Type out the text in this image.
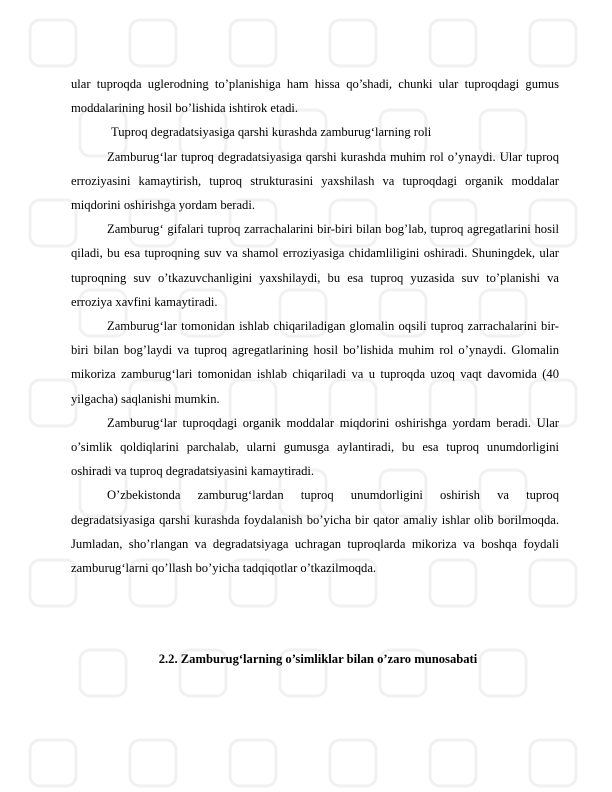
ular tuproqda uglerodning to’planishiga ham hissa qo’shadi, chunki ular tuproqdagi gumus moddalarining hosil bo’lishida ishtirok etadi.

Tuproq degradatsiyasiga qarshi kurashda zamburug‘larning roli

Zamburug‘lar tuproq degradatsiyasiga qarshi kurashda muhim rol o’ynaydi. Ular tuproq erroziyasini kamaytirish, tuproq strukturasini yaxshilash va tuproqdagi organik moddalar miqdorini oshirishga yordam beradi.

Zamburug‘ gifalari tuproq zarrachalarini bir-biri bilan bog’lab, tuproq agregatlarini hosil qiladi, bu esa tuproqning suv va shamol erroziyasiga chidamliligini oshiradi. Shuningdek, ular tuproqning suv o’tkazuvchanligini yaxshilaydi, bu esa tuproq yuzasida suv to’planishi va erroziya xavfini kamaytiradi.

Zamburug‘lar tomonidan ishlab chiqariladigan glomalin oqsili tuproq zarrachalarini bir-biri bilan bog’laydi va tuproq agregatlarining hosil bo’lishida muhim rol o’ynaydi. Glomalin mikoriza zamburug‘lari tomonidan ishlab chiqariladi va u tuproqda uzoq vaqt davomida (40 yilgacha) saqlanishi mumkin.

Zamburug‘lar tuproqdagi organik moddalar miqdorini oshirishga yordam beradi. Ular o’simlik qoldiqlarini parchalab, ularni gumusga aylantiradi, bu esa tuproq unumdorligini oshiradi va tuproq degradatsiyasini kamaytiradi.

O’zbekistonda zamburug‘lardan tuproq unumdorligini oshirish va tuproq degradatsiyasiga qarshi kurashda foydalanish bo’yicha bir qator amaliy ishlar olib borilmoqda. Jumladan, sho’rlangan va degradatsiyaga uchragan tuproqlarda mikoriza va boshqa foydali zamburug‘larni qo’llash bo’yicha tadqiqotlar o’tkazilmoqda.

2.2. Zamburug‘larning o’simliklar bilan o’zaro munosabati
